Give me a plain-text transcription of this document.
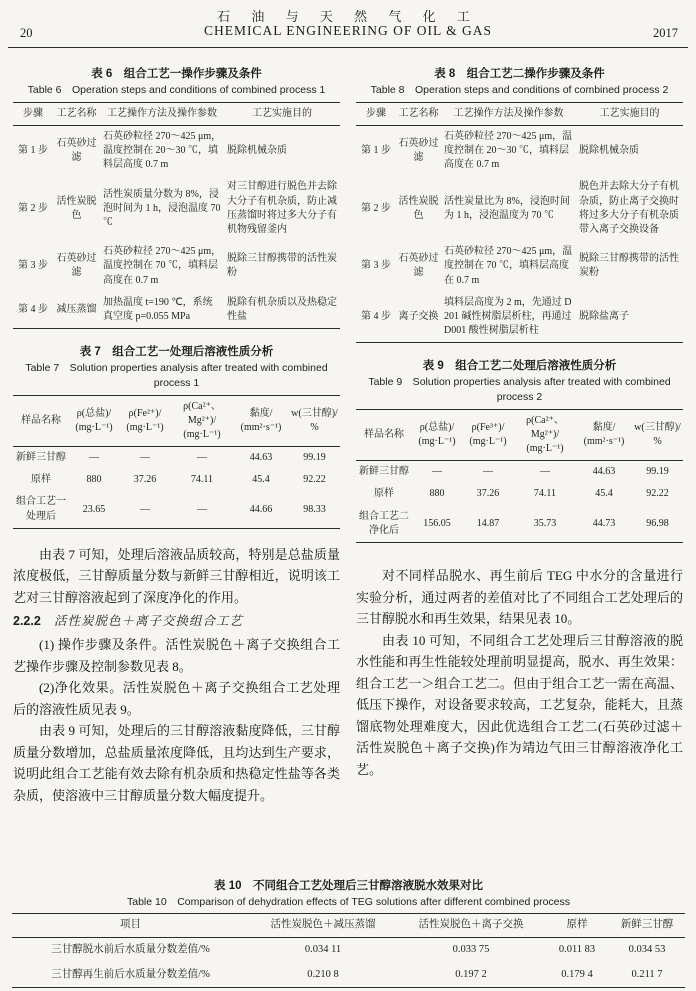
20
石 油 与 天 然 气 化 工
CHEMICAL ENGINEERING OF OIL & GAS	2017
表 6　组合工艺一操作步骤及条件
Table 6　Operation steps and conditions of combined process 1
步骤	工艺名称	工艺操作方法及操作参数	工艺实施目的
第 1 步	石英砂过滤	石英砂粒径 270～425 μm，温度控制在 20～30 ℃，填料层高度 0.7 m	脱除机械杂质
第 2 步	活性炭脱色	活性炭质量分数为 8%，浸泡时间为 1 h，浸泡温度 70 ℃	对三甘醇进行脱色并去除大分子有机杂质，防止减压蒸馏时将过多大分子有机物残留釜内
第 3 步	石英砂过滤	石英砂粒径 270～425 μm，温度控制在 70 ℃，填料层高度在 0.7 m	脱除三甘醇携带的活性炭粉
第 4 步	减压蒸馏	加热温度 t=190 ℃，系统真空度 p=0.055 MPa	脱除有机杂质以及热稳定性盐
表 7　组合工艺一处理后溶液性质分析
Table 7　Solution properties analysis after treated with combined process 1
样品名称	ρ(总盐)/ (mg·L⁻¹)	ρ(Fe²⁺)/ (mg·L⁻¹)	ρ(Ca²⁺、Mg²⁺)/ (mg·L⁻¹)	黏度/ (mm²·s⁻¹)	w(三甘醇)/ %
新鲜三甘醇	—	—	—	44.63	99.19
原样	880	37.26	74.11	45.4	92.22
组合工艺一处理后	23.65	—	—	44.66	98.33

由表 7 可知，处理后溶液品质较高，特别是总盐质量浓度极低，三甘醇质量分数与新鲜三甘醇相近，说明该工艺对三甘醇溶液起到了深度净化的作用。

2.2.2 活性炭脱色＋离子交换组合工艺

(1) 操作步骤及条件。活性炭脱色＋离子交换组合工艺操作步骤及控制参数见表 8。

(2)净化效果。活性炭脱色＋离子交换组合工艺处理后的溶液性质见表 9。

由表 9 可知，处理后的三甘醇溶液黏度降低，三甘醇质量分数增加，总盐质量浓度降低，且均达到生产要求，说明此组合工艺能有效去除有机杂质和热稳定性盐等各类杂质，使溶液中三甘醇质量分数大幅度提升。

表 8　组合工艺二操作步骤及条件
Table 8　Operation steps and conditions of combined process 2
步骤	工艺名称	工艺操作方法及操作参数	工艺实施目的
第 1 步	石英砂过滤	石英砂粒径 270～425 μm，温度控制在 20～30 ℃，填料层高度在 0.7 m	脱除机械杂质
第 2 步	活性炭脱色	活性炭量比为 8%，浸泡时间为 1 h，浸泡温度为 70 ℃	脱色并去除大分子有机杂质，防止离子交换时将过多大分子有机杂质带入离子交换设备
第 3 步	石英砂过滤	石英砂粒径 270～425 μm，温度控制在 70 ℃，填料层高度在 0.7 m	脱除三甘醇携带的活性炭粉
第 4 步	离子交换	填料层高度为 2 m，先通过 D201 碱性树脂层析柱，再通过 D001 酸性树脂层析柱	脱除盐离子
表 9　组合工艺二处理后溶液性质分析
Table 9　Solution properties analysis after treated with combined process 2
样品名称	ρ(总盐)/ (mg·L⁻¹)	ρ(Fe³⁺)/ (mg·L⁻¹)	ρ(Ca²⁺、Mg²⁺)/ (mg·L⁻¹)	黏度/ (mm²·s⁻¹)	w(三甘醇)/ %
新鲜三甘醇	—	—	—	44.63	99.19
原样	880	37.26	74.11	45.4	92.22
组合工艺二净化后	156.05	14.87	35.73	44.73	96.98

对不同样品脱水、再生前后 TEG 中水分的含量进行实验分析，通过两者的差值对比了不同组合工艺处理后的三甘醇脱水和再生效果，结果见表 10。

由表 10 可知，不同组合工艺处理后三甘醇溶液的脱水性能和再生性能较处理前明显提高，脱水、再生效果：组合工艺一＞组合工艺二。但由于组合工艺一需在高温、低压下操作，对设备要求较高，工艺复杂，能耗大，且蒸馏底物处理难度大，因此优选组合工艺二(石英砂过滤＋活性炭脱色＋离子交换)作为靖边气田三甘醇溶液净化工艺。

表 10　不同组合工艺处理后三甘醇溶液脱水效果对比
Table 10　Comparison of dehydration effects of TEG solutions after different combined process
项目	活性炭脱色＋减压蒸馏	活性炭脱色＋离子交换	原样	新鲜三甘醇
三甘醇脱水前后水质量分数差值/%	0.034 11	0.033 75	0.011 83	0.034 53
三甘醇再生前后水质量分数差值/%	0.210 8	0.197 2	0.179 4	0.211 7
